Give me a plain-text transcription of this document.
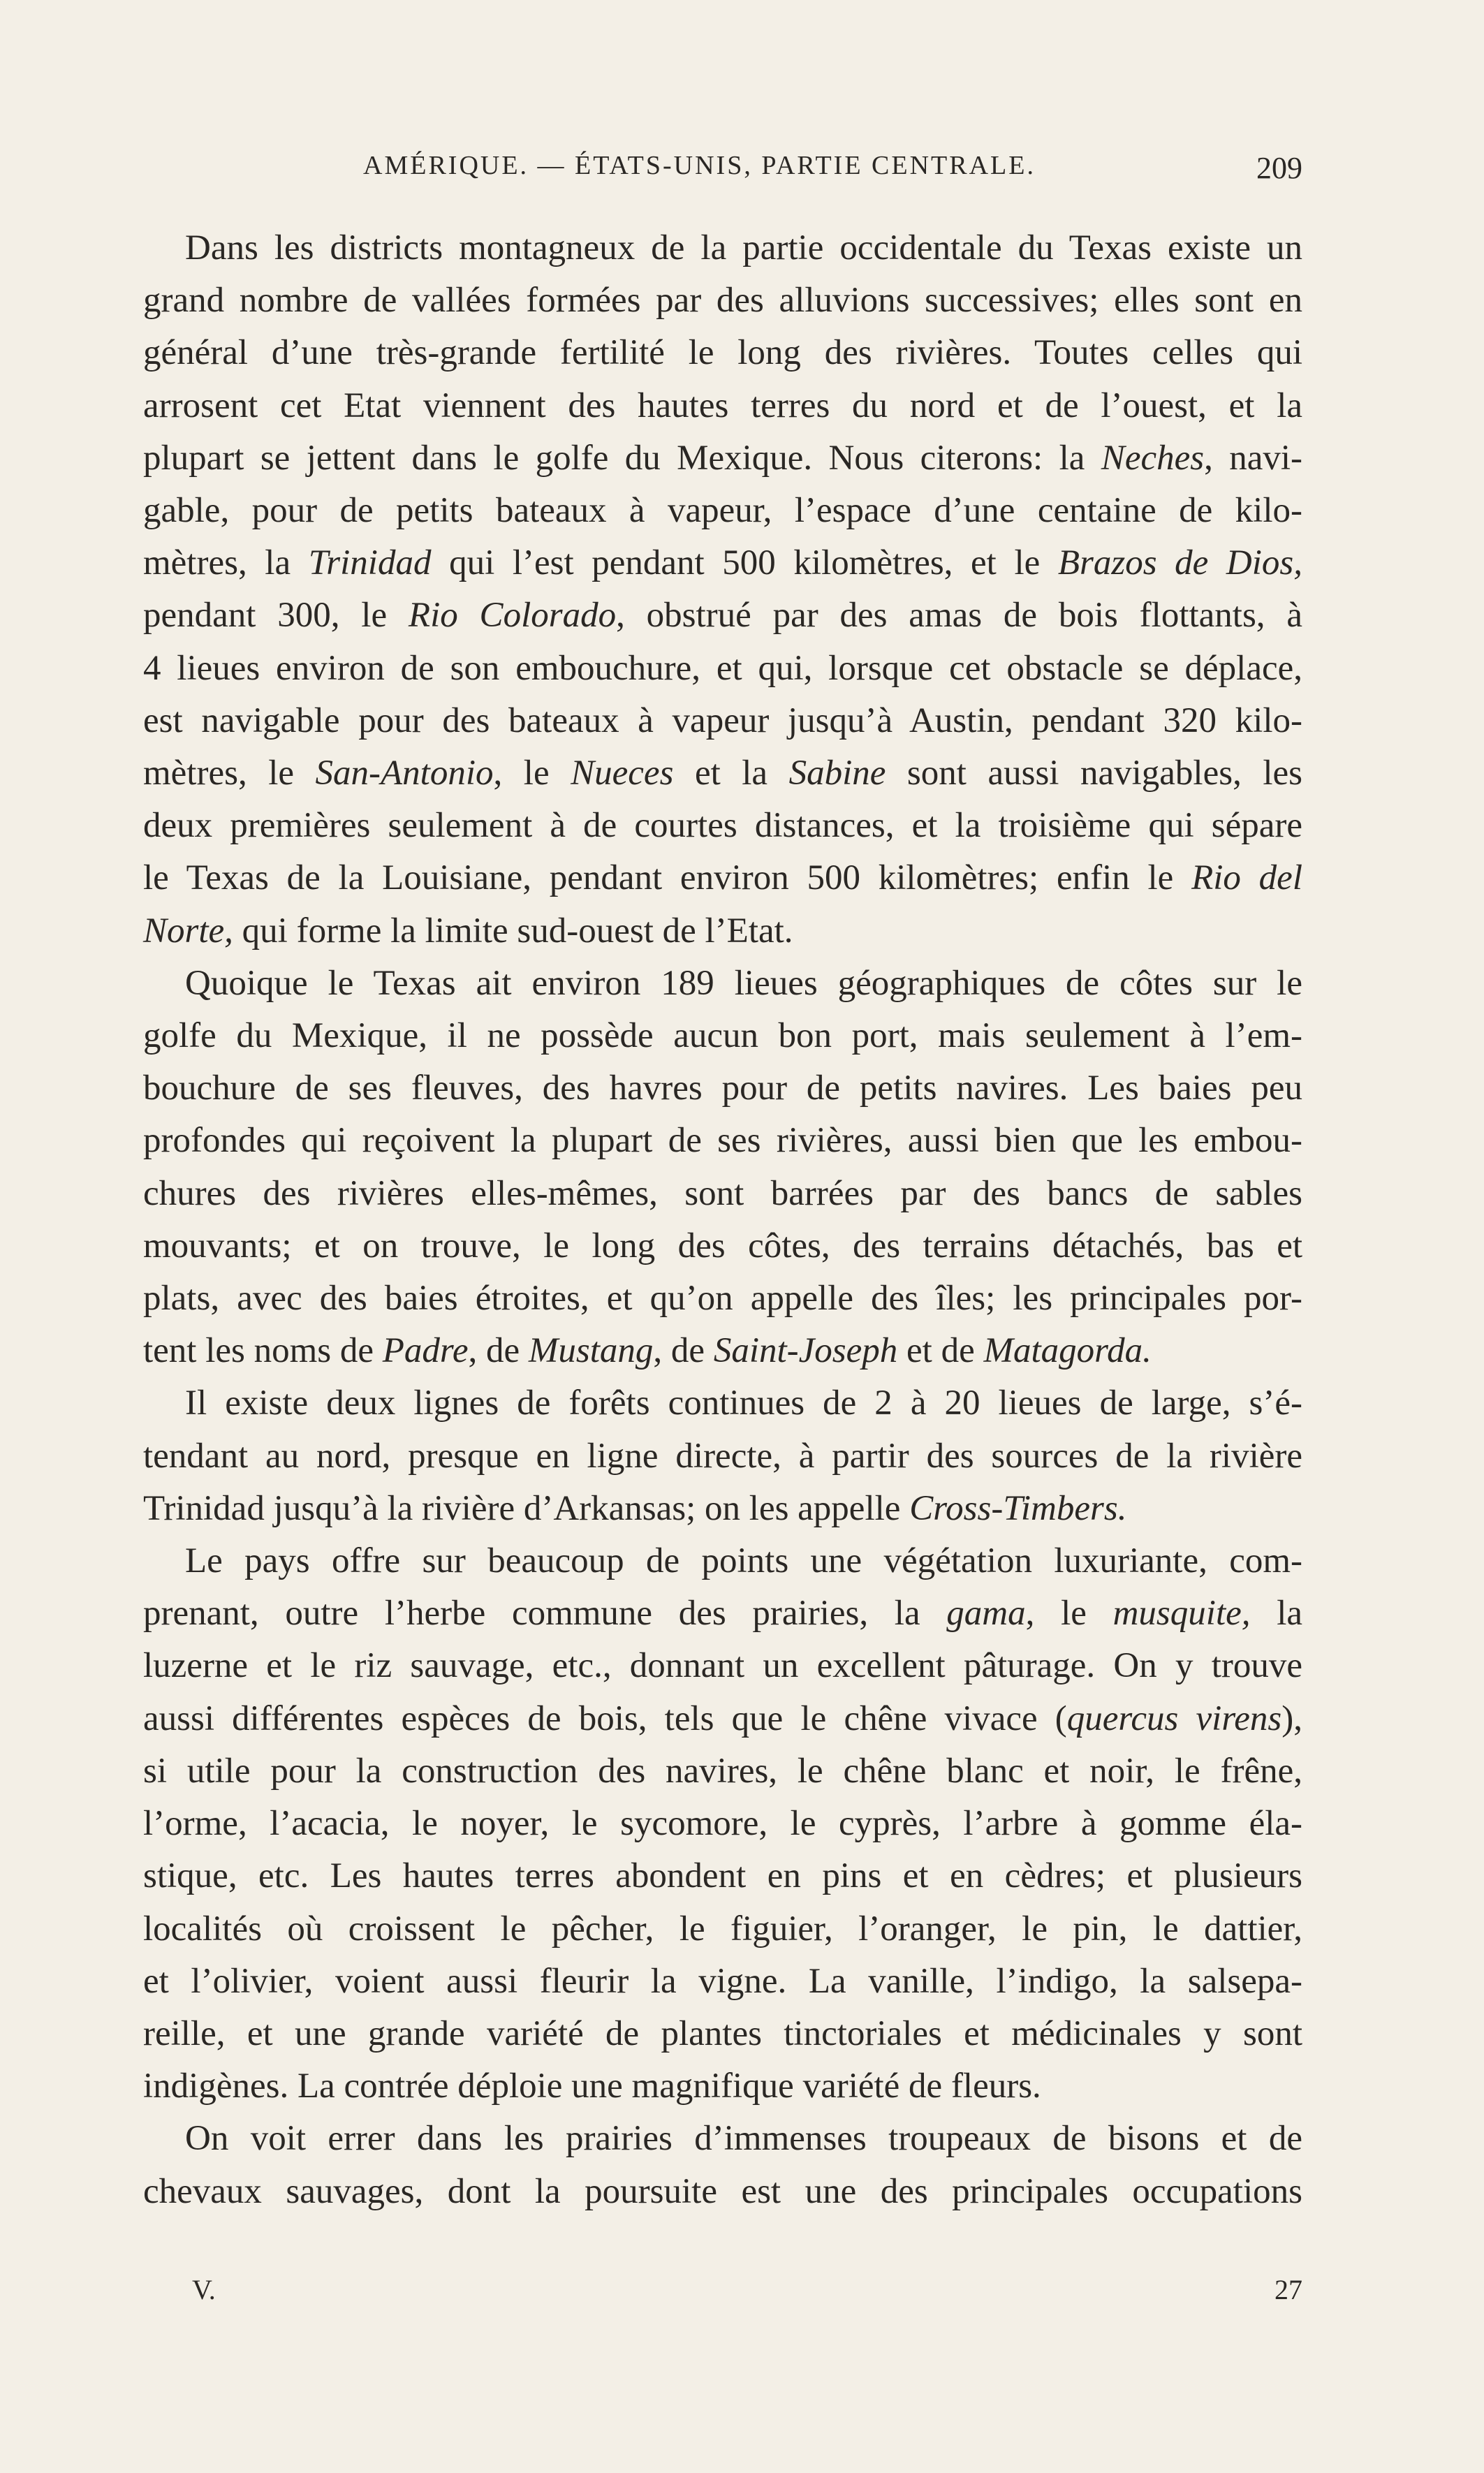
AMÉRIQUE. — ÉTATS-UNIS, PARTIE CENTRALE.	209

Dans les districts montagneux de la partie occidentale du Texas existe un
grand nombre de vallées formées par des alluvions successives; elles sont en
général d’une très-grande fertilité le long des rivières. Toutes celles qui
arrosent cet Etat viennent des hautes terres du nord et de l’ouest, et la
plupart se jettent dans le golfe du Mexique. Nous citerons: la Neches, navi-
gable, pour de petits bateaux à vapeur, l’espace d’une centaine de kilo-
mètres, la Trinidad qui l’est pendant 500 kilomètres, et le Brazos de Dios,
pendant 300, le Rio Colorado, obstrué par des amas de bois flottants, à
4 lieues environ de son embouchure, et qui, lorsque cet obstacle se déplace,
est navigable pour des bateaux à vapeur jusqu’à Austin, pendant 320 kilo-
mètres, le San-Antonio, le Nueces et la Sabine sont aussi navigables, les
deux premières seulement à de courtes distances, et la troisième qui sépare
le Texas de la Louisiane, pendant environ 500 kilomètres; enfin le Rio del
Norte, qui forme la limite sud-ouest de l’Etat.

Quoique le Texas ait environ 189 lieues géographiques de côtes sur le
golfe du Mexique, il ne possède aucun bon port, mais seulement à l’em-
bouchure de ses fleuves, des havres pour de petits navires. Les baies peu
profondes qui reçoivent la plupart de ses rivières, aussi bien que les embou-
chures des rivières elles-mêmes, sont barrées par des bancs de sables
mouvants; et on trouve, le long des côtes, des terrains détachés, bas et
plats, avec des baies étroites, et qu’on appelle des îles; les principales por-
tent les noms de Padre, de Mustang, de Saint-Joseph et de Matagorda.

Il existe deux lignes de forêts continues de 2 à 20 lieues de large, s’é-
tendant au nord, presque en ligne directe, à partir des sources de la rivière
Trinidad jusqu’à la rivière d’Arkansas; on les appelle Cross-Timbers.

Le pays offre sur beaucoup de points une végétation luxuriante, com-
prenant, outre l’herbe commune des prairies, la gama, le musquite, la
luzerne et le riz sauvage, etc., donnant un excellent pâturage. On y trouve
aussi différentes espèces de bois, tels que le chêne vivace (quercus virens),
si utile pour la construction des navires, le chêne blanc et noir, le frêne,
l’orme, l’acacia, le noyer, le sycomore, le cyprès, l’arbre à gomme éla-
stique, etc. Les hautes terres abondent en pins et en cèdres; et plusieurs
localités où croissent le pêcher, le figuier, l’oranger, le pin, le dattier,
et l’olivier, voient aussi fleurir la vigne. La vanille, l’indigo, la salsepa-
reille, et une grande variété de plantes tinctoriales et médicinales y sont
indigènes. La contrée déploie une magnifique variété de fleurs.

On voit errer dans les prairies d’immenses troupeaux de bisons et de
chevaux sauvages, dont la poursuite est une des principales occupations

V.	27
